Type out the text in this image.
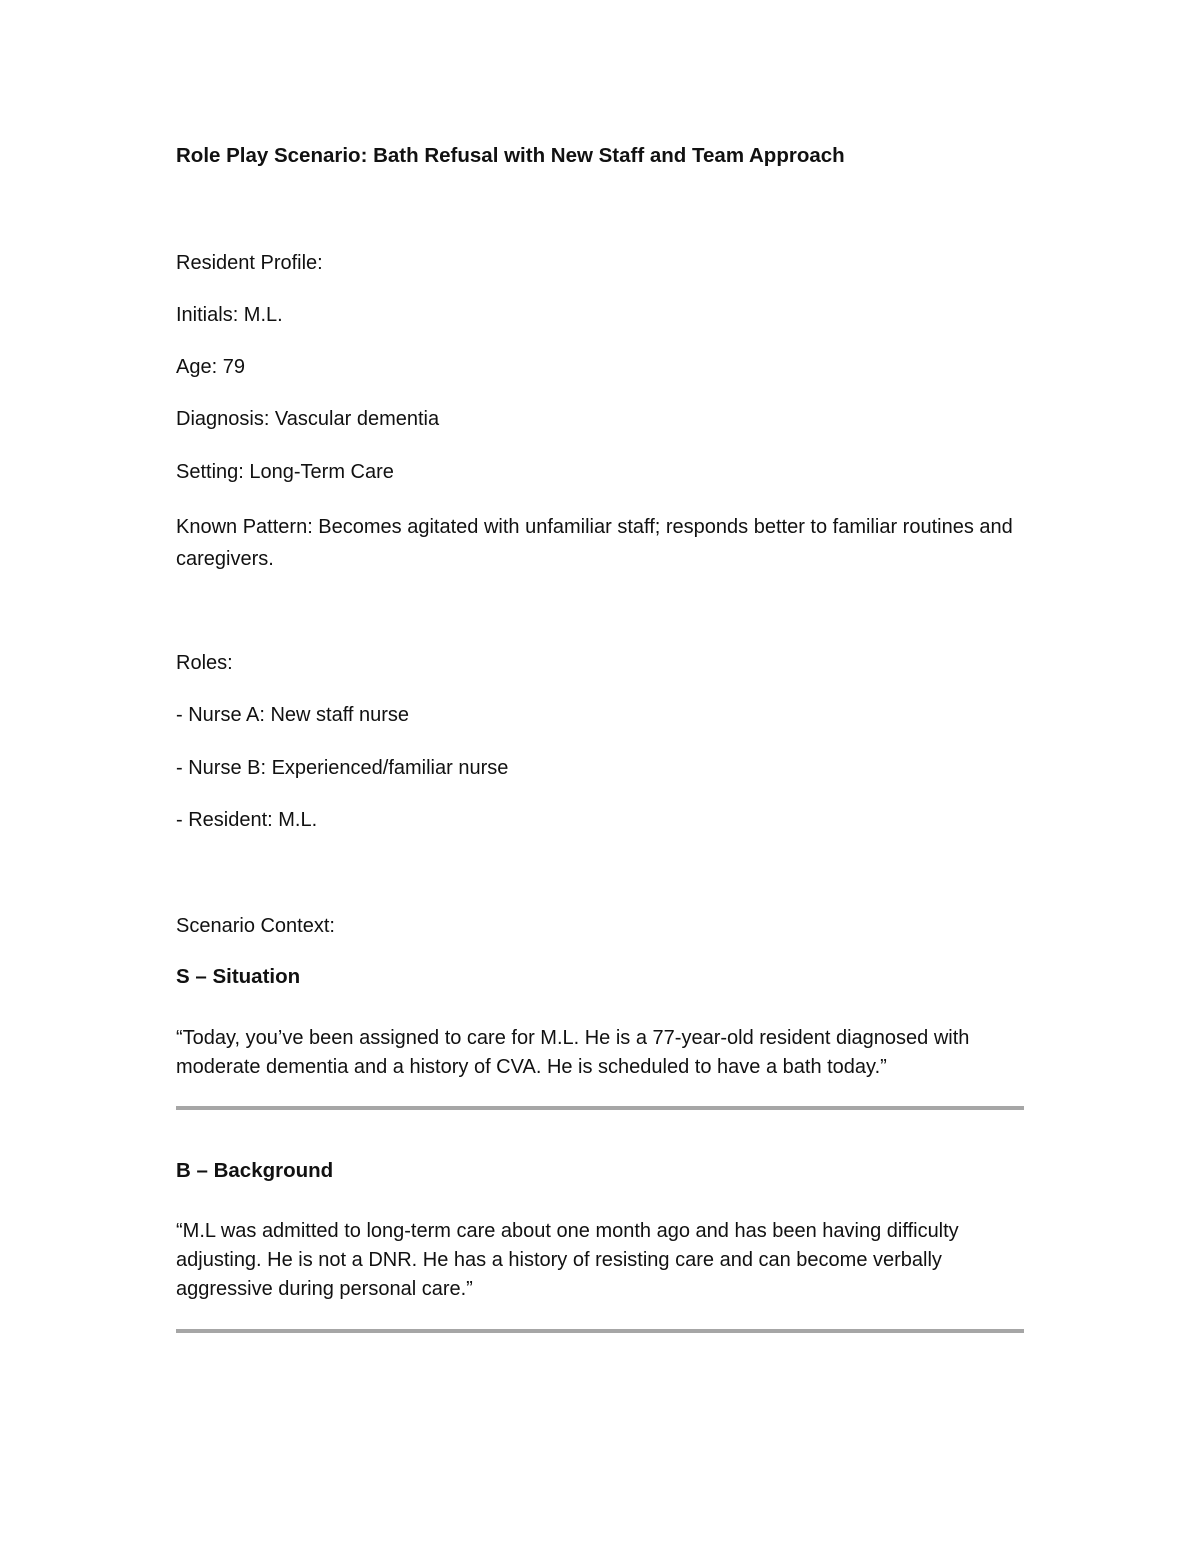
Role Play Scenario: Bath Refusal with New Staff and Team Approach
Resident Profile:
Initials: M.L.
Age: 79
Diagnosis: Vascular dementia
Setting: Long-Term Care
Known Pattern: Becomes agitated with unfamiliar staff; responds better to familiar routines and caregivers.
Roles:
- Nurse A: New staff nurse
- Nurse B: Experienced/familiar nurse
- Resident: M.L.
Scenario Context:
S – Situation
“Today, you’ve been assigned to care for M.L. He is a 77-year-old resident diagnosed with moderate dementia and a history of CVA. He is scheduled to have a bath today.”
B – Background
“M.L was admitted to long-term care about one month ago and has been having difficulty adjusting. He is not a DNR. He has a history of resisting care and can become verbally aggressive during personal care.”
